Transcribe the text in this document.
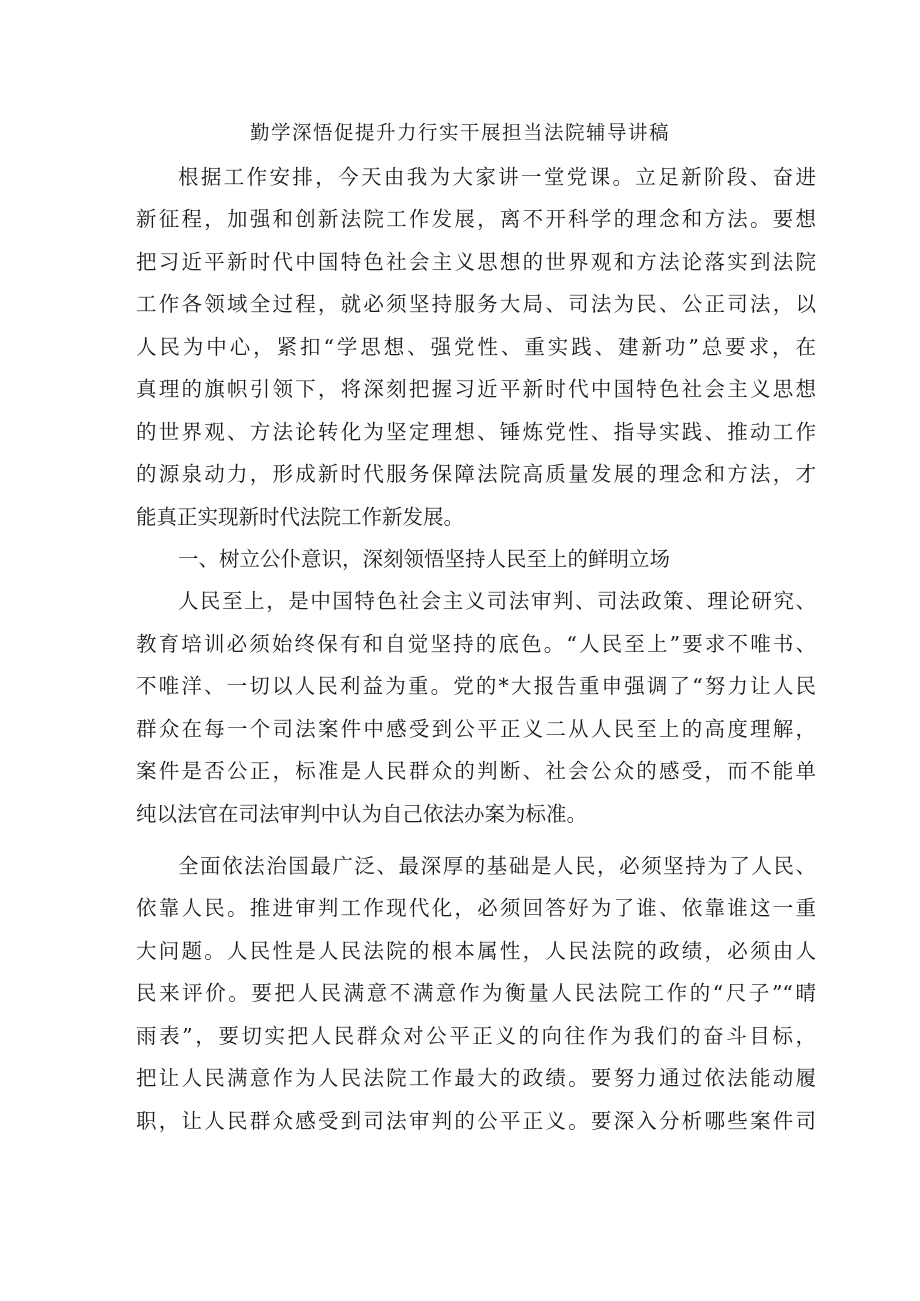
勤学深悟促提升力行实干展担当法院辅导讲稿
根据工作安排，今天由我为大家讲一堂党课。立足新阶段、奋进
新征程，加强和创新法院工作发展，离不开科学的理念和方法。要想
把习近平新时代中国特色社会主义思想的世界观和方法论落实到法院
工作各领域全过程，就必须坚持服务大局、司法为民、公正司法，以
人民为中心，紧扣“学思想、强党性、重实践、建新功”总要求，在
真理的旗帜引领下，将深刻把握习近平新时代中国特色社会主义思想
的世界观、方法论转化为坚定理想、锤炼党性、指导实践、推动工作
的源泉动力，形成新时代服务保障法院高质量发展的理念和方法，才
能真正实现新时代法院工作新发展。
一、树立公仆意识，深刻领悟坚持人民至上的鲜明立场
人民至上，是中国特色社会主义司法审判、司法政策、理论研究、
教育培训必须始终保有和自觉坚持的底色。“人民至上”要求不唯书、
不唯洋、一切以人民利益为重。党的*大报告重申强调了“努力让人民
群众在每一个司法案件中感受到公平正义二从人民至上的高度理解，
案件是否公正，标准是人民群众的判断、社会公众的感受，而不能单
纯以法官在司法审判中认为自己依法办案为标准。
全面依法治国最广泛、最深厚的基础是人民，必须坚持为了人民、
依靠人民。推进审判工作现代化，必须回答好为了谁、依靠谁这一重
大问题。人民性是人民法院的根本属性，人民法院的政绩，必须由人
民来评价。要把人民满意不满意作为衡量人民法院工作的“尺子”“晴
雨表”，要切实把人民群众对公平正义的向往作为我们的奋斗目标，
把让人民满意作为人民法院工作最大的政绩。要努力通过依法能动履
职，让人民群众感受到司法审判的公平正义。要深入分析哪些案件司
